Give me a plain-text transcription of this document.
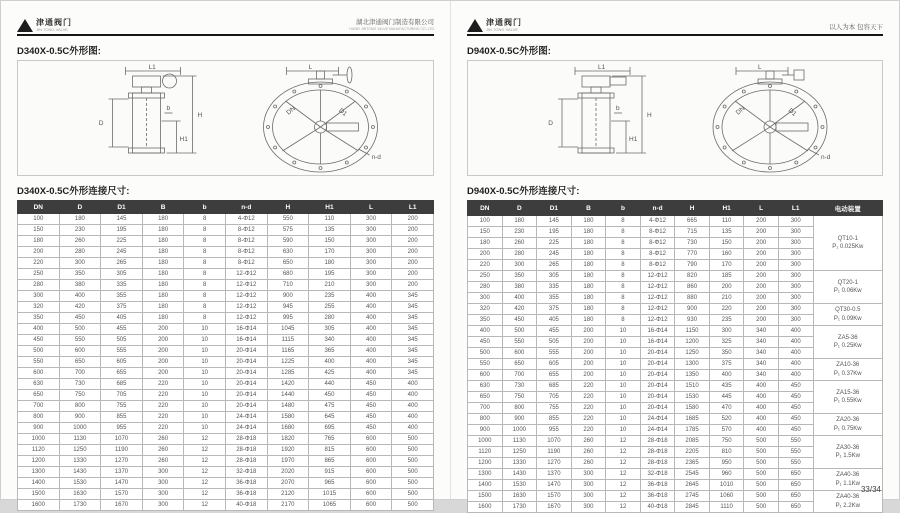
津通阀门
JIN TONG VALVE
湖北津通阀门制造有限公司
HUBEI JINTONG VALVE MANUFACTURING CO.,LTD
D340X-0.5C外形图:
L1
D
H
H1
b
L
DN	D1
n-d
D340X-0.5C外形连接尺寸:
DN	D	D1	B	b	n-d	H	H1	L	L1
100	180	145	180	8	4-Φ12	550	110	300	200
150	230	195	180	8	8-Φ12	575	135	300	200
180	260	225	180	8	8-Φ12	590	150	300	200
200	280	245	180	8	8-Φ12	630	170	300	200
220	300	265	180	8	8-Φ12	650	180	300	200
250	350	305	180	8	12-Φ12	680	195	300	200
280	380	335	180	8	12-Φ12	710	210	300	200
300	400	355	180	8	12-Φ12	900	235	400	345
320	420	375	180	8	12-Φ12	945	255	400	345
350	450	405	180	8	12-Φ12	995	280	400	345
400	500	455	200	10	16-Φ14	1045	305	400	345
450	550	505	200	10	16-Φ14	1115	340	400	345
500	600	555	200	10	20-Φ14	1165	365	400	345
550	650	605	200	10	20-Φ14	1225	400	400	345
600	700	655	200	10	20-Φ14	1285	425	400	345
630	730	685	220	10	20-Φ14	1420	440	450	400
650	750	705	220	10	20-Φ14	1440	450	450	400
700	800	755	220	10	20-Φ14	1480	475	450	400
800	900	855	220	10	24-Φ14	1580	645	450	400
900	1000	955	220	10	24-Φ14	1680	695	450	400
1000	1130	1070	260	12	28-Φ18	1820	765	600	500
1120	1250	1190	260	12	28-Φ18	1920	815	600	500
1200	1330	1270	260	12	28-Φ18	1970	865	600	500
1300	1430	1370	300	12	32-Φ18	2020	915	600	500
1400	1530	1470	300	12	36-Φ18	2070	965	600	500
1500	1630	1570	300	12	36-Φ18	2120	1015	600	500
1600	1730	1670	300	12	40-Φ18	2170	1065	600	500
津通阀门
JIN TONG VALVE	以人为本 包容天下
D940X-0.5C外形图:
L1
D
H
H1
b
L
DN	D1
n-d
D940X-0.5C外形连接尺寸:
DN	D	D1	B	b	n-d	H	H1	L	L1	电动装置
100	180	145	180	8	4-Φ12	665	110	200	300	QT10-1
P₁ 0.025Kw

150	230	195	180	8	8-Φ12	715	135	200	300	
180	260	225	180	8	8-Φ12	730	150	200	300	
200	280	245	180	8	8-Φ12	770	160	200	300	
220	300	265	180	8	8-Φ12	790	170	200	300	
250	350	305	180	8	12-Φ12	820	185	200	300	QT20-1
P₁ 0.06Kw

280	380	335	180	8	12-Φ12	860	200	200	300	
300	400	355	180	8	12-Φ12	880	210	200	300	
320	420	375	180	8	12-Φ12	900	220	200	300	QT30-0.5
P₁ 0.09Kw

350	450	405	180	8	12-Φ12	930	235	200	300	
400	500	455	200	10	16-Φ14	1150	300	340	400	ZA5-36
P₁ 0.25Kw

450	550	505	200	10	16-Φ14	1200	325	340	400	
500	600	555	200	10	20-Φ14	1250	350	340	400	
550	650	605	200	10	20-Φ14	1300	375	340	400	ZA10-36
P₁ 0.37Kw

600	700	655	200	10	20-Φ14	1350	400	340	400	
630	730	685	220	10	20-Φ14	1510	435	400	450	ZA15-36
P₁ 0.55Kw

650	750	705	220	10	20-Φ14	1530	445	400	450	
700	800	755	220	10	20-Φ14	1580	470	400	450	
800	900	855	220	10	24-Φ14	1685	520	400	450	ZA20-36
P₁ 0.75Kw

900	1000	955	220	10	24-Φ14	1785	570	400	450	
1000	1130	1070	260	12	28-Φ18	2085	750	500	550	ZA30-36
P₁ 1.5Kw

1120	1250	1190	260	12	28-Φ18	2205	810	500	550	
1200	1330	1270	260	12	28-Φ18	2365	950	500	550	
1300	1430	1370	300	12	32-Φ18	2545	960	500	650	ZA40-36
P₁ 1.1Kw

1400	1530	1470	300	12	36-Φ18	2645	1010	500	650	
1500	1630	1570	300	12	36-Φ18	2745	1060	500	650	ZA40-36
P₁ 2.2Kw

1600	1730	1670	300	12	40-Φ18	2845	1110	500	650	
33/34
